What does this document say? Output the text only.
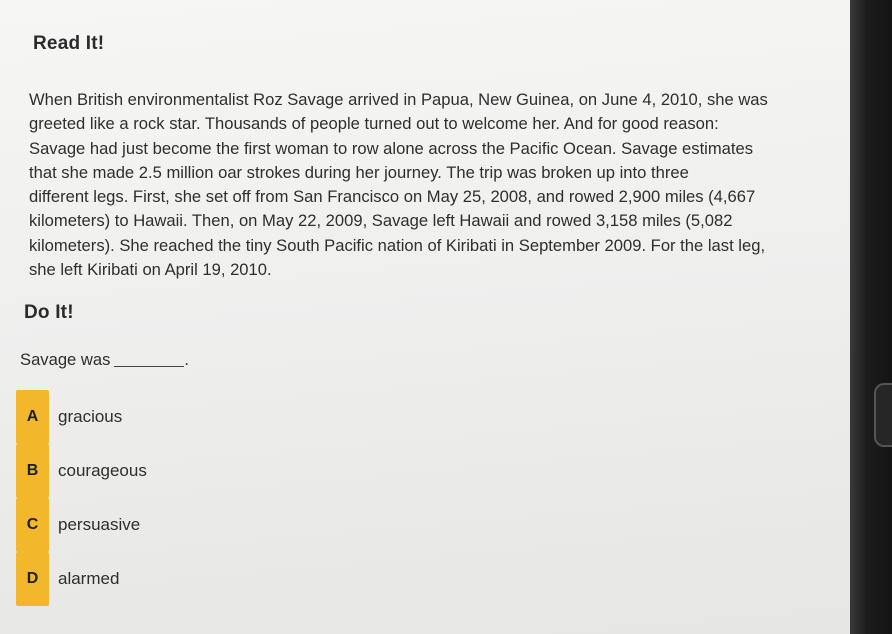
Read It!
When British environmentalist Roz Savage arrived in Papua, New Guinea, on June 4, 2010, she was
greeted like a rock star. Thousands of people turned out to welcome her. And for good reason:
Savage had just become the first woman to row alone across the Pacific Ocean. Savage estimates
that she made 2.5 million oar strokes during her journey. The trip was broken up into three
different legs. First, she set off from San Francisco on May 25, 2008, and rowed 2,900 miles (4,667
kilometers) to Hawaii. Then, on May 22, 2009, Savage left Hawaii and rowed 3,158 miles (5,082
kilometers). She reached the tiny South Pacific nation of Kiribati in September 2009. For the last leg,
she left Kiribati on April 19, 2010.
Do It!
Savage was	.
A	gracious
B	courageous
C	persuasive
D	alarmed
